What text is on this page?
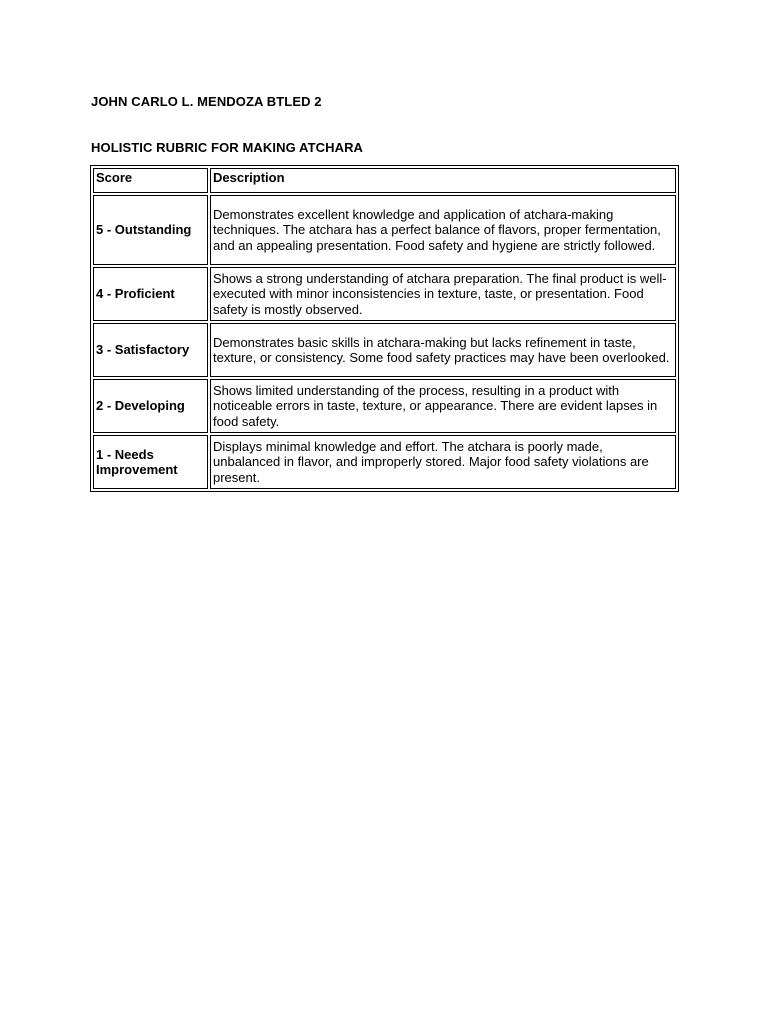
JOHN CARLO L. MENDOZA BTLED 2
HOLISTIC RUBRIC FOR MAKING ATCHARA
Score	Description
5 - Outstanding	Demonstrates excellent knowledge and application of atchara-making techniques. The atchara has a perfect balance of flavors, proper fermentation, and an appealing presentation. Food safety and hygiene are strictly followed.
4 - Proficient	Shows a strong understanding of atchara preparation. The final product is well-executed with minor inconsistencies in texture, taste, or presentation. Food safety is mostly observed.
3 - Satisfactory	Demonstrates basic skills in atchara-making but lacks refinement in taste, texture, or consistency. Some food safety practices may have been overlooked.
2 - Developing	Shows limited understanding of the process, resulting in a product with noticeable errors in taste, texture, or appearance. There are evident lapses in food safety.
1 - Needs Improvement	Displays minimal knowledge and effort. The atchara is poorly made, unbalanced in flavor, and improperly stored. Major food safety violations are present.
